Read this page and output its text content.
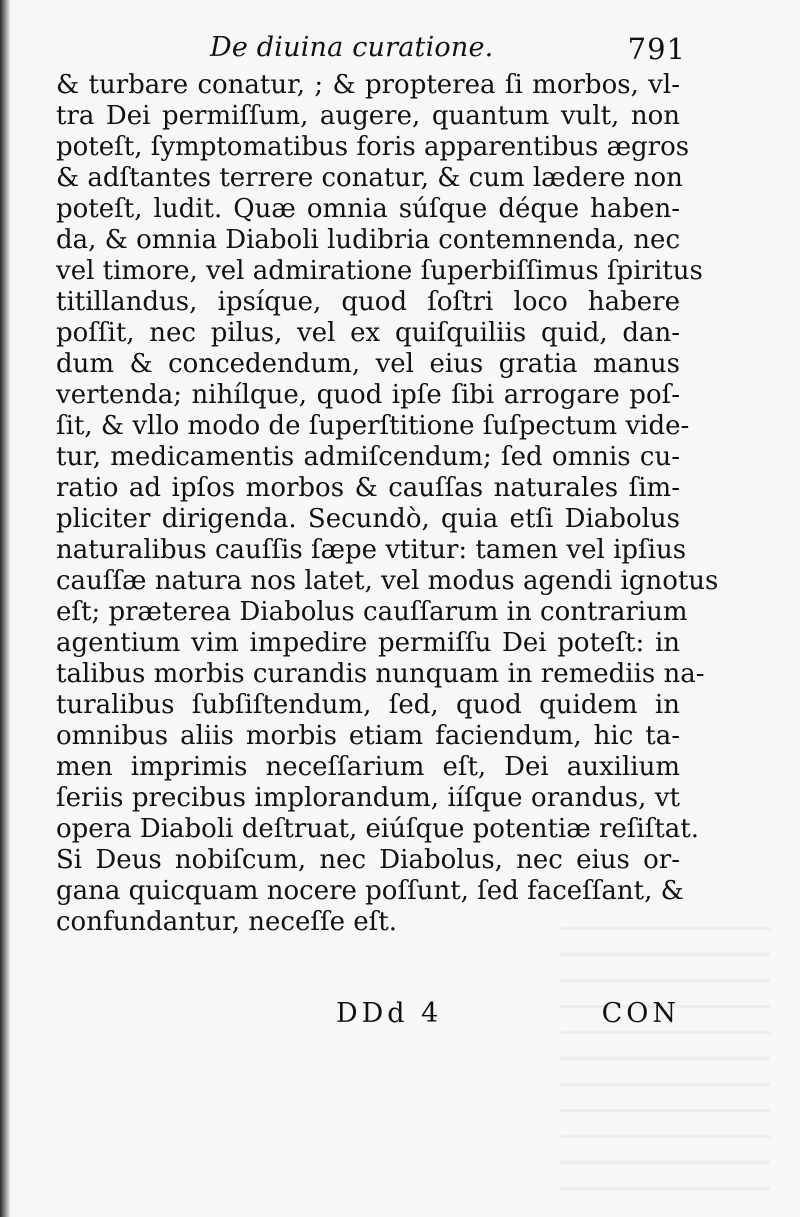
De diuina curatione.	791
& turbare conatur, ; & propterea ſi morbos, vl-
tra Dei permiſſum, augere, quantum vult, non
poteſt, ſymptomatibus foris apparentibus ægros
& adſtantes terrere conatur, & cum lædere non
poteſt, ludit. Quæ omnia súſque déque haben-
da, & omnia Diaboli ludibria contemnenda, nec
vel timore, vel admiratione ſuperbiſſimus ſpiritus
titillandus, ipsíque, quod ſoſtri loco habere
poſſit, nec pilus, vel ex quiſquiliis quid, dan-
dum & concedendum, vel eius gratia manus
vertenda; nihílque, quod ipſe ſibi arrogare poſ-
ſit, & vllo modo de ſuperſtitione ſuſpectum vide-
tur, medicamentis admiſcendum; ſed omnis cu-
ratio ad ipſos morbos & cauſſas naturales ſim-
pliciter dirigenda. Secundò, quia etſi Diabolus
naturalibus cauſſis ſæpe vtitur: tamen vel ipſius
cauſſæ natura nos latet, vel modus agendi ignotus
eſt; præterea Diabolus cauſſarum in contrarium
agentium vim impedire permiſſu Dei poteſt: in
talibus morbis curandis nunquam in remediis na-
turalibus ſubſiſtendum, ſed, quod quidem in
omnibus aliis morbis etiam faciendum, hic ta-
men imprimis neceſſarium eſt, Dei auxilium
ſeriis precibus implorandum, iíſque orandus, vt
opera Diaboli deſtruat, eiúſque potentiæ reſiſtat.
Si Deus nobiſcum, nec Diabolus, nec eius or-
gana quicquam nocere poſſunt, ſed faceſſant, &
confundantur, neceſſe eſt.
DDd 4	CON
